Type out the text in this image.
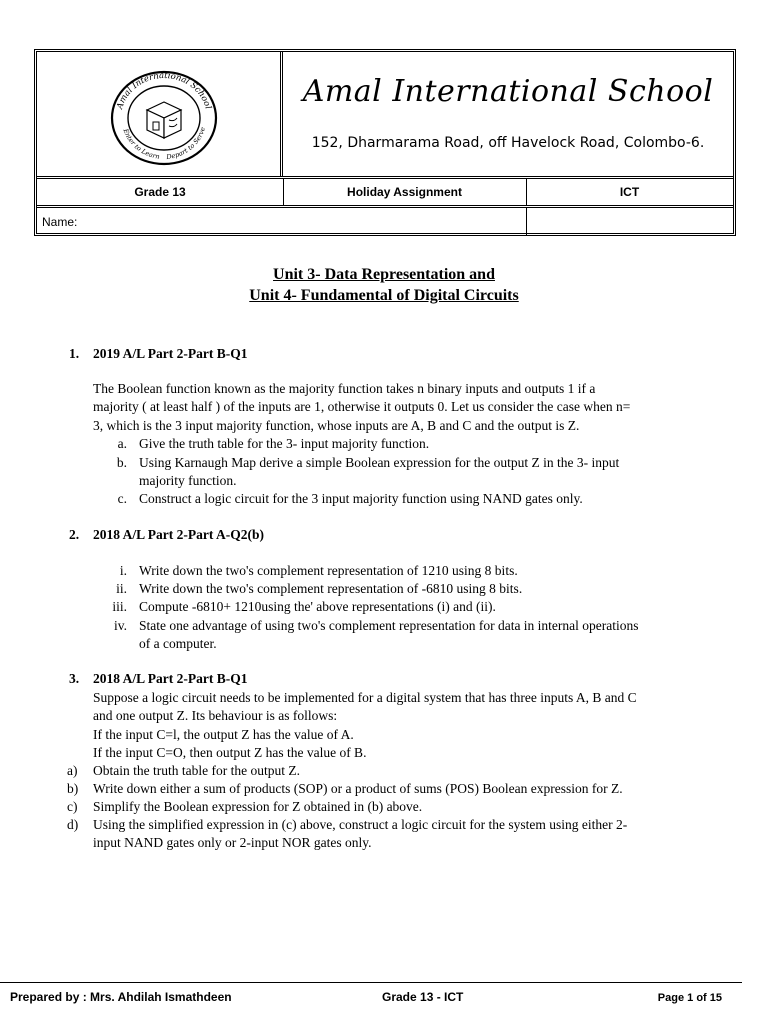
Amal International School
Enter to Learn Depart to Serve
Amal International School
152, Dharmarama Road, off Havelock Road, Colombo-6.
Grade 13	Holiday Assignment	ICT
Name:
Unit 3- Data Representation and
Unit 4- Fundamental of Digital Circuits
1. 2019 A/L Part 2-Part B-Q1
The Boolean function known as the majority function takes n binary inputs and outputs 1 if a
majority ( at least half ) of the inputs are 1, otherwise it outputs 0. Let us consider the case when n=
3, which is the 3 input majority function, whose inputs are A, B and C and the output is Z.
a. Give the truth table for the 3- input majority function.
b. Using Karnaugh Map derive a simple Boolean expression for the output Z in the 3- input
majority function.
c. Construct a logic circuit for the 3 input majority function using NAND gates only.
2. 2018 A/L Part 2-Part A-Q2(b)
i. Write down the two's complement representation of 1210 using 8 bits.
ii. Write down the two's complement representation of -6810 using 8 bits.
iii. Compute -6810+ 1210using the' above representations (i) and (ii).
iv. State one advantage of using two's complement representation for data in internal operations
of a computer.
3. 2018 A/L Part 2-Part B-Q1
Suppose a logic circuit needs to be implemented for a digital system that has three inputs A, B and C
and one output Z. Its behaviour is as follows:
If the input C=l, the output Z has the value of A.
If the input C=O, then output Z has the value of B.
a)	Obtain the truth table for the output Z.
b)	Write down either a sum of products (SOP) or a product of sums (POS) Boolean expression for Z.
c)	Simplify the Boolean expression for Z obtained in (b) above.
d)	Using the simplified expression in (c) above, construct a logic circuit for the system using either 2-
input NAND gates only or 2-input NOR gates only.
Prepared by : Mrs. Ahdilah Ismathdeen	Grade 13 - ICT	Page 1 of 15
